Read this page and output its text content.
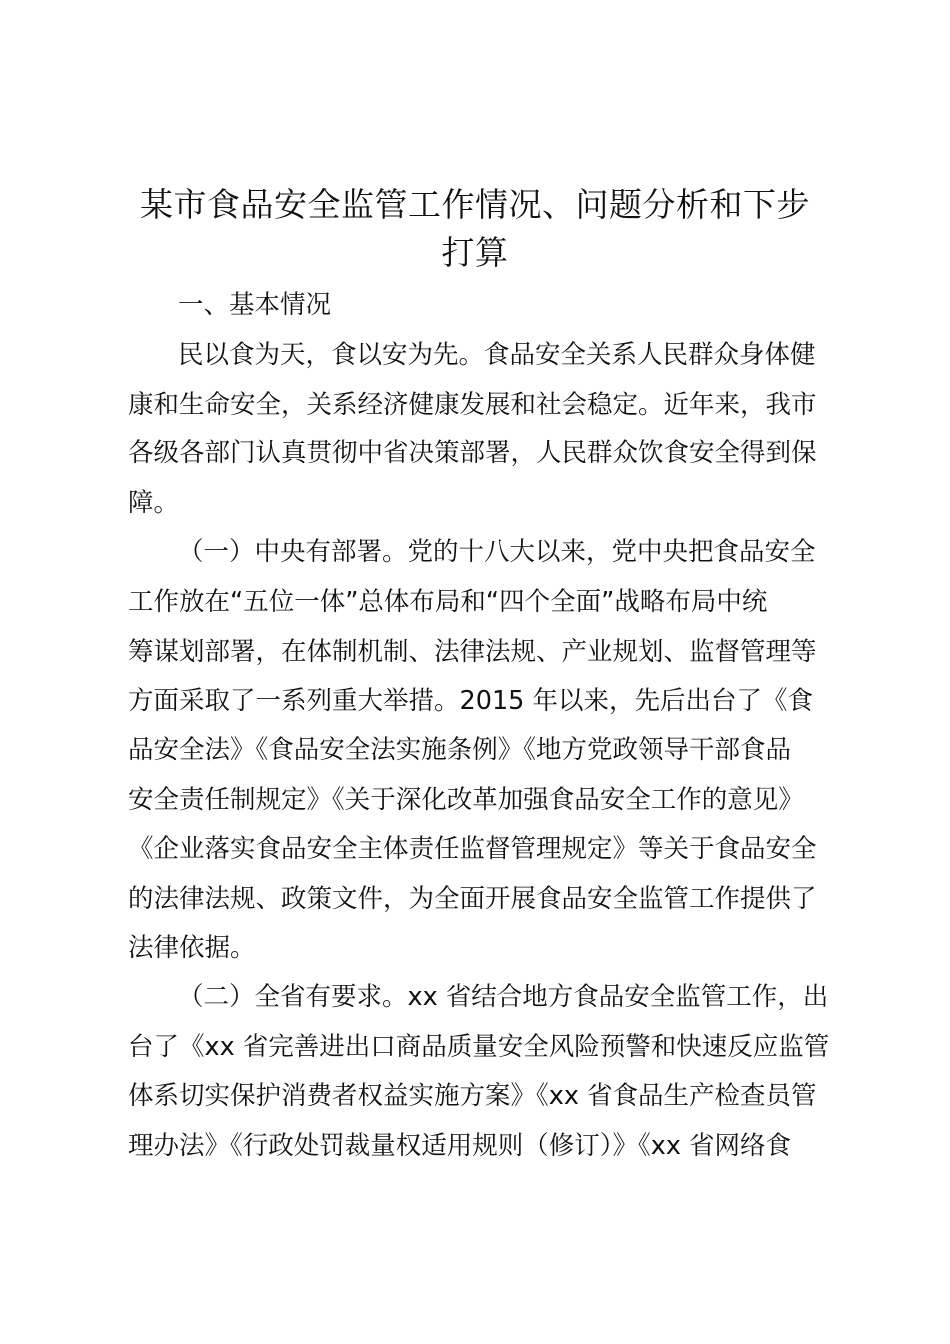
某市食品安全监管工作情况、问题分析和下步
打算
一、基本情况
民以食为天，食以安为先。食品安全关系人民群众身体健
康和生命安全，关系经济健康发展和社会稳定。近年来，我市
各级各部门认真贯彻中省决策部署，人民群众饮食安全得到保
障。
（一）中央有部署。党的十八大以来，党中央把食品安全
工作放在“五位一体”总体布局和“四个全面”战略布局中统
筹谋划部署，在体制机制、法律法规、产业规划、监督管理等
方面采取了一系列重大举措。2015 年以来，先后出台了《食
品安全法》《食品安全法实施条例》《地方党政领导干部食品
安全责任制规定》《关于深化改革加强食品安全工作的意见》
《企业落实食品安全主体责任监督管理规定》等关于食品安全
的法律法规、政策文件，为全面开展食品安全监管工作提供了
法律依据。
（二）全省有要求。xx 省结合地方食品安全监管工作，出
台了《xx 省完善进出口商品质量安全风险预警和快速反应监管
体系切实保护消费者权益实施方案》《xx 省食品生产检查员管
理办法》《行政处罚裁量权适用规则（修订）》《xx 省网络食
